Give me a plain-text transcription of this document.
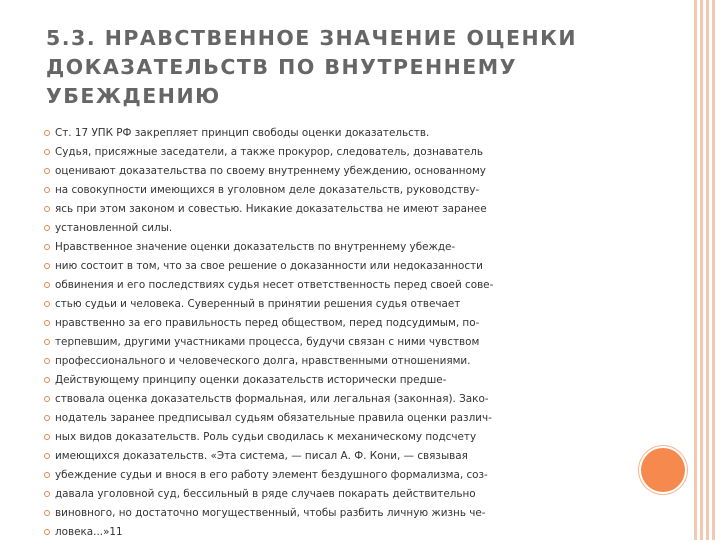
5.3. НРАВСТВЕННОЕ ЗНАЧЕНИЕ ОЦЕНКИ ДОКАЗАТЕЛЬСТВ ПО ВНУТРЕННЕМУ УБЕЖДЕНИЮ
Ст. 17 УПК РФ закрепляет принцип свободы оценки доказательств.
Судья, присяжные заседатели, а также прокурор, следователь, дознаватель
оценивают доказательства по своему внутреннему убеждению, основанному
на совокупности имеющихся в уголовном деле доказательств, руководству-
ясь при этом законом и совестью. Никакие доказательства не имеют заранее
установленной силы.
Нравственное значение оценки доказательств по внутреннему убежде-
нию состоит в том, что за свое решение о доказанности или недоказанности
обвинения и его последствиях судья несет ответственность перед своей сове-
стью судьи и человека. Суверенный в принятии решения судья отвечает
нравственно за его правильность перед обществом, перед подсудимым, по-
терпевшим, другими участниками процесса, будучи связан с ними чувством
профессионального и человеческого долга, нравственными отношениями.
Действующему принципу оценки доказательств исторически предше-
ствовала оценка доказательств формальная, или легальная (законная). Зако-
нодатель заранее предписывал судьям обязательные правила оценки различ-
ных видов доказательств. Роль судьи сводилась к механическому подсчету
имеющихся доказательств. «Эта система, — писал А. Ф. Кони, — связывая
убеждение судьи и внося в его работу элемент бездушного формализма, соз-
давала уголовной суд, бессильный в ряде случаев покарать действительно
виновного, но достаточно могущественный, чтобы разбить личную жизнь че-
ловека...»11
